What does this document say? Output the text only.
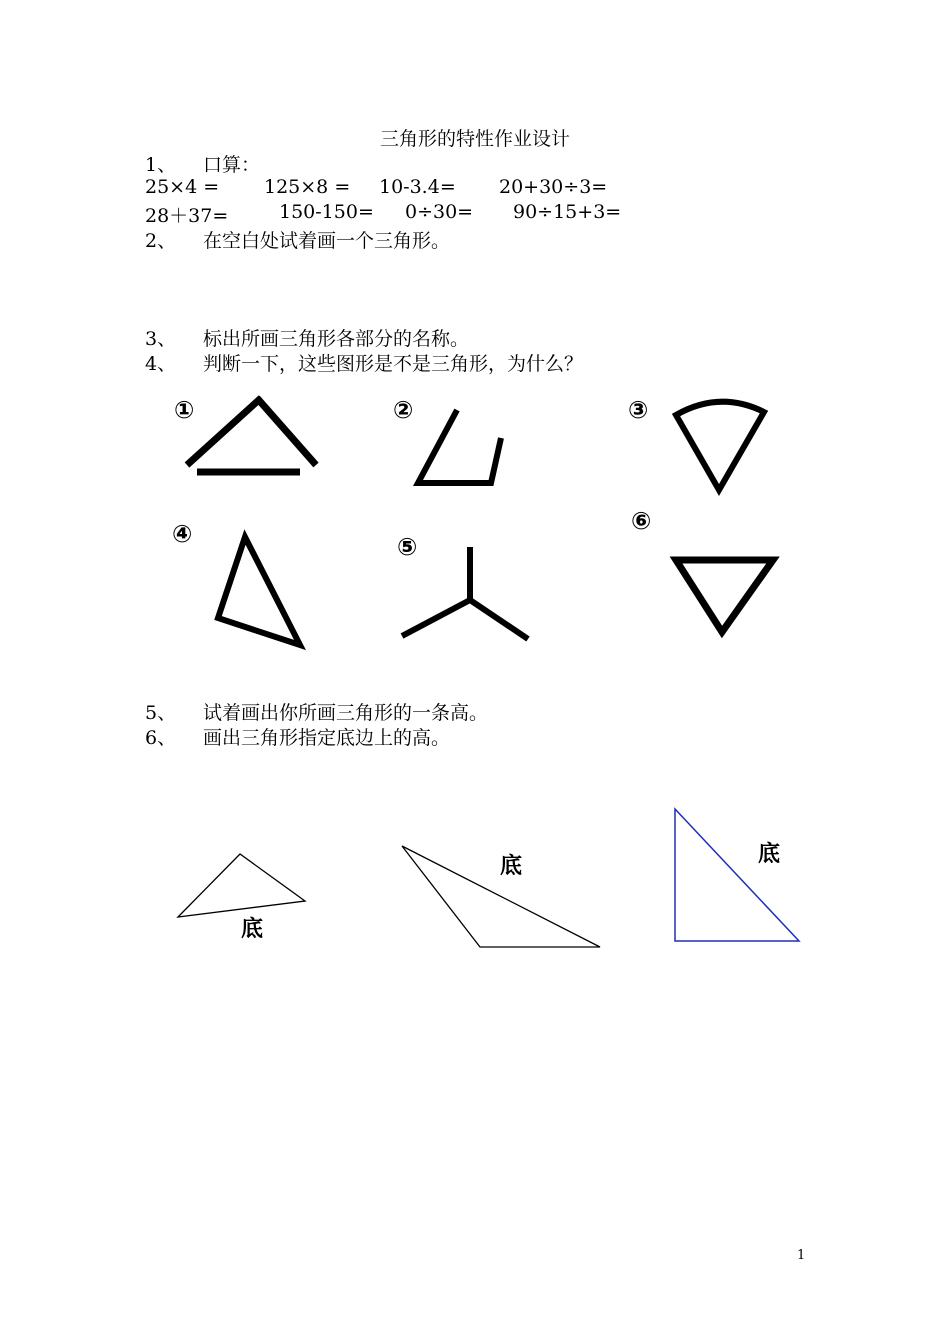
三角形的特性作业设计
1、 口算：
25×4 = 125×8 = 10-3.4= 20+30÷3=
28＋37=	150-150= 0÷30= 90÷15+3=
2、 在空白处试着画一个三角形。
3、 标出所画三角形各部分的名称。
4、 判断一下，这些图形是不是三角形，为什么？
5、 试着画出你所画三角形的一条高。
6、 画出三角形指定底边上的高。
①	②	③
④	⑤
⑥
底
底	底
1
